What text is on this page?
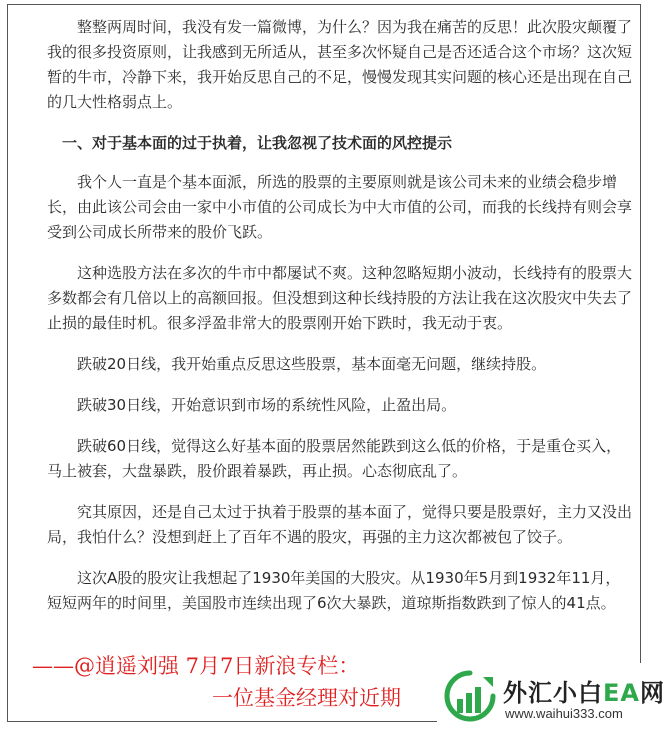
整整两周时间，我没有发一篇微博，为什么？因为我在痛苦的反思！此次股灾颠覆了我的很多投资原则，让我感到无所适从，甚至多次怀疑自己是否还适合这个市场？这次短暂的牛市，冷静下来，我开始反思自己的不足，慢慢发现其实问题的核心还是出现在自己的几大性格弱点上。

一、对于基本面的过于执着，让我忽视了技术面的风控提示

我个人一直是个基本面派，所选的股票的主要原则就是该公司未来的业绩会稳步增长，由此该公司会由一家中小市值的公司成长为中大市值的公司，而我的长线持有则会享受到公司成长所带来的股价飞跃。

这种选股方法在多次的牛市中都屡试不爽。这种忽略短期小波动，长线持有的股票大多数都会有几倍以上的高额回报。但没想到这种长线持股的方法让我在这次股灾中失去了止损的最佳时机。很多浮盈非常大的股票刚开始下跌时，我无动于衷。

跌破20日线，我开始重点反思这些股票，基本面毫无问题，继续持股。

跌破30日线，开始意识到市场的系统性风险，止盈出局。

跌破60日线，觉得这么好基本面的股票居然能跌到这么低的价格，于是重仓买入，马上被套，大盘暴跌，股价跟着暴跌，再止损。心态彻底乱了。

究其原因，还是自己太过于执着于股票的基本面了，觉得只要是股票好，主力又没出局，我怕什么？没想到赶上了百年不遇的股灾，再强的主力这次都被包了饺子。

这次A股的股灾让我想起了1930年美国的大股灾。从1930年5月到1932年11月，短短两年的时间里，美国股市连续出现了6次大暴跌，道琼斯指数跌到了惊人的41点。

——@逍遥刘强 7月7日新浪专栏：
一位基金经理对近期	外汇小白EA网
www.waihui333.com
